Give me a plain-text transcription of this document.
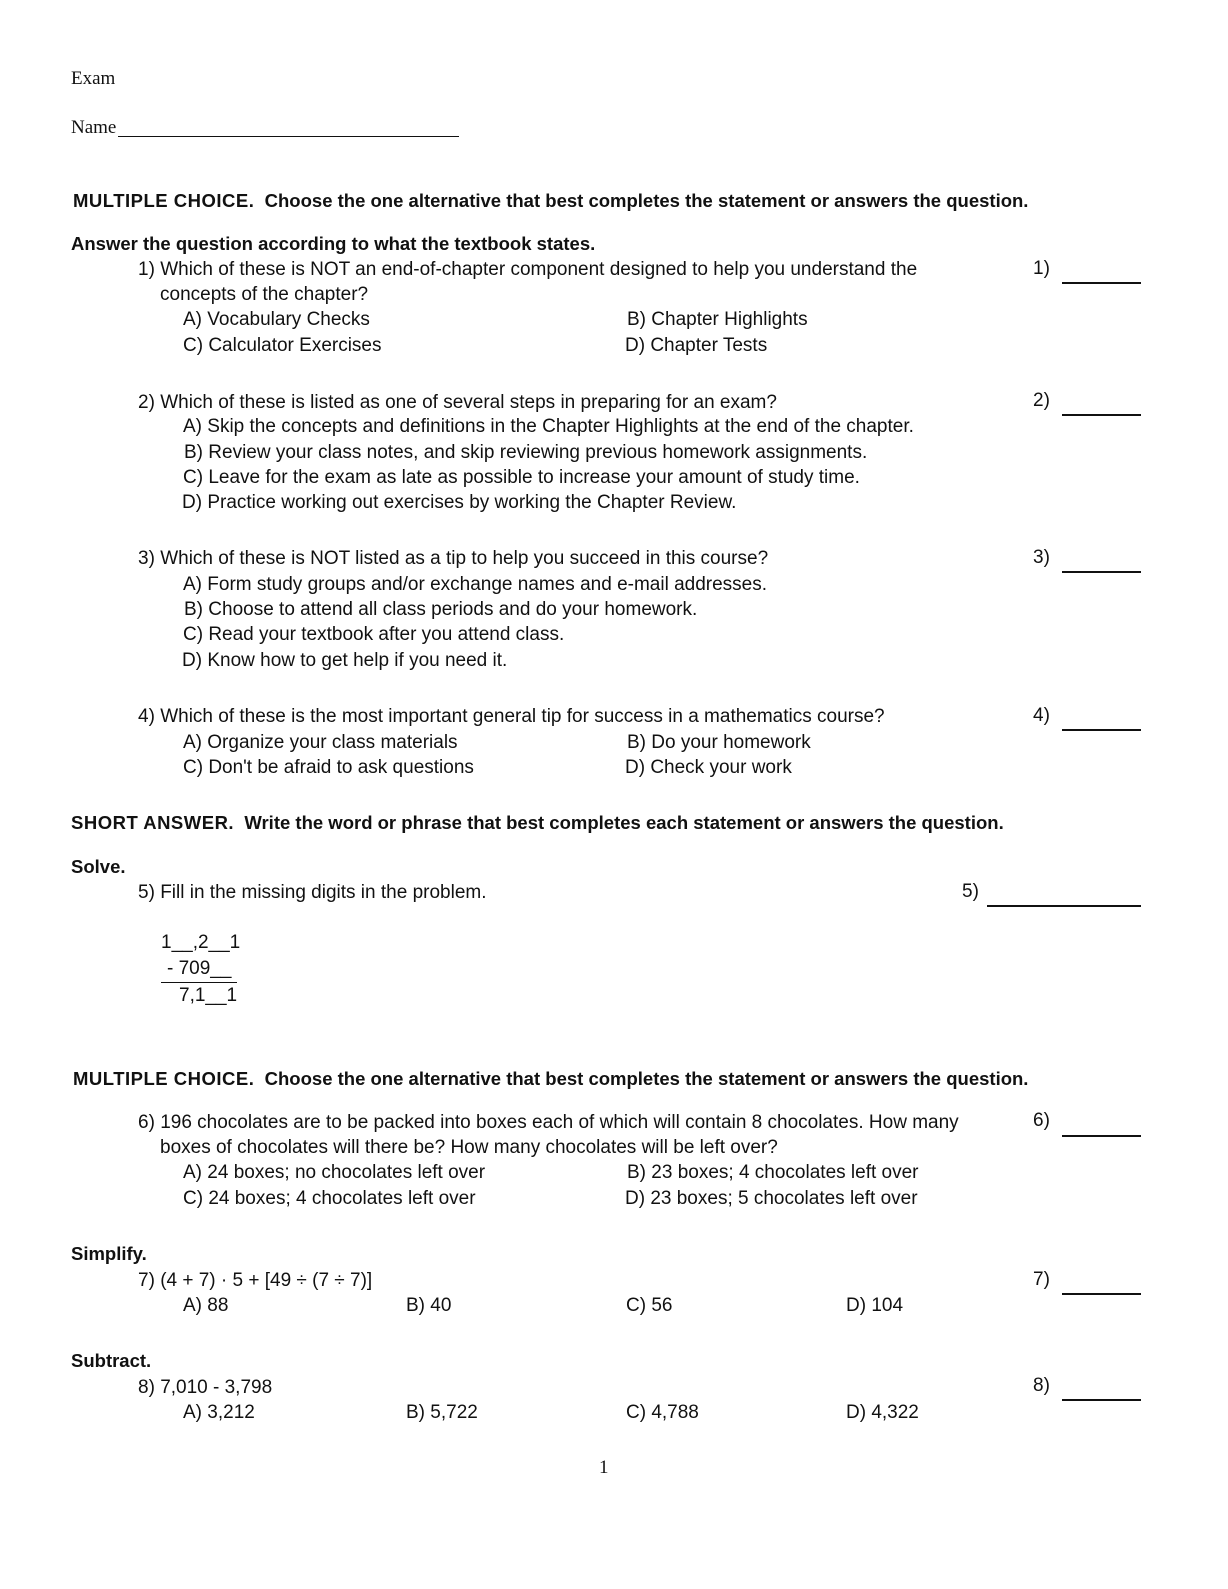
Exam
Name
MULTIPLE CHOICE. Choose the one alternative that best completes the statement or answers the question.
Answer the question according to what the textbook states.
1) Which of these is NOT an end-of-chapter component designed to help you understand the
concepts of the chapter?
A) Vocabulary Checks	B) Chapter Highlights
C) Calculator Exercises	D) Chapter Tests
1)
2) Which of these is listed as one of several steps in preparing for an exam?
A) Skip the concepts and definitions in the Chapter Highlights at the end of the chapter.
B) Review your class notes, and skip reviewing previous homework assignments.
C) Leave for the exam as late as possible to increase your amount of study time.
D) Practice working out exercises by working the Chapter Review.
2)
3) Which of these is NOT listed as a tip to help you succeed in this course?
A) Form study groups and/or exchange names and e-mail addresses.
B) Choose to attend all class periods and do your homework.
C) Read your textbook after you attend class.
D) Know how to get help if you need it.
3)
4) Which of these is the most important general tip for success in a mathematics course?
A) Organize your class materials	B) Do your homework
C) Don't be afraid to ask questions	D) Check your work
4)
SHORT ANSWER. Write the word or phrase that best completes each statement or answers the question.
Solve.
5) Fill in the missing digits in the problem.	5)
1__,2__1
- 709__
7,1__1
MULTIPLE CHOICE. Choose the one alternative that best completes the statement or answers the question.
6) 196 chocolates are to be packed into boxes each of which will contain 8 chocolates. How many
boxes of chocolates will there be? How many chocolates will be left over?
A) 24 boxes; no chocolates left over	B) 23 boxes; 4 chocolates left over
C) 24 boxes; 4 chocolates left over	D) 23 boxes; 5 chocolates left over
6)
Simplify.
7) (4 + 7) · 5 + [49 ÷ (7 ÷ 7)]
A) 88	B) 40	C) 56	D) 104
7)
Subtract.
8) 7,010 - 3,798
A) 3,212	B) 5,722	C) 4,788	D) 4,322
8)
1
